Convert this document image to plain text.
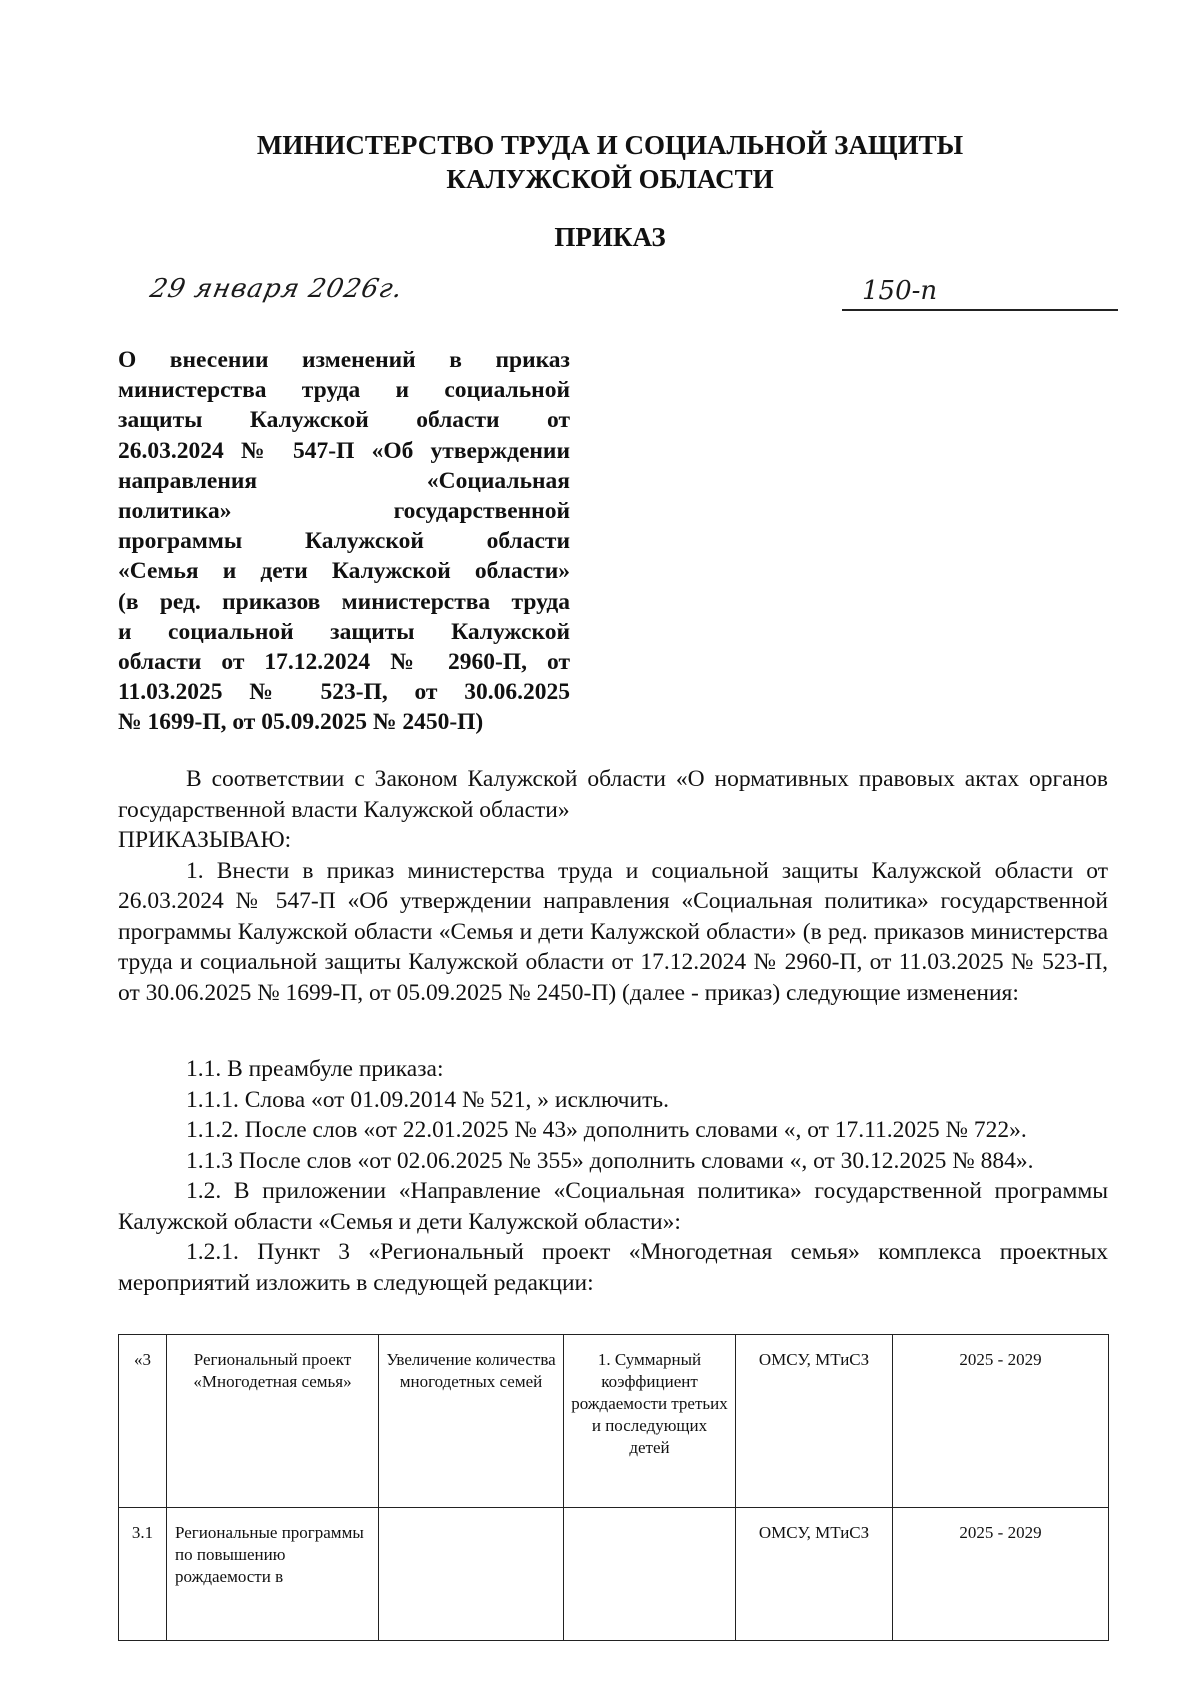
МИНИСТЕРСТВО ТРУДА И СОЦИАЛЬНОЙ ЗАЩИТЫ
КАЛУЖСКОЙ ОБЛАСТИ
ПРИКАЗ
29 января 2026г.	150-п
О внесении изменений в приказ
министерства труда и социальной
защиты Калужской области от
26.03.2024 № 547-П «Об утверждении
направления	«Социальная
политика»	государственной
программы Калужской области
«Семья и дети Калужской области»
(в ред. приказов министерства труда
и социальной защиты Калужской
области от 17.12.2024 № 2960-П, от
11.03.2025 № 523-П, от 30.06.2025
№ 1699-П, от 05.09.2025 № 2450-П)

В соответствии с Законом Калужской области «О нормативных правовых актах органов государственной власти Калужской области»

ПРИКАЗЫВАЮ:

1. Внести в приказ министерства труда и социальной защиты Калужской области от 26.03.2024 № 547-П «Об утверждении направления «Социальная политика» государственной программы Калужской области «Семья и дети Калужской области» (в ред. приказов министерства труда и социальной защиты Калужской области от 17.12.2024 № 2960-П, от 11.03.2025 № 523-П, от 30.06.2025 № 1699-П, от 05.09.2025 № 2450-П) (далее - приказ) следующие изменения:

1.1. В преамбуле приказа:

1.1.1. Слова «от 01.09.2014 № 521, » исключить.

1.1.2. После слов «от 22.01.2025 № 43» дополнить словами «, от 17.11.2025 № 722».

1.1.3 После слов «от 02.06.2025 № 355» дополнить словами «, от 30.12.2025 № 884».

1.2. В приложении «Направление «Социальная политика» государственной программы Калужской области «Семья и дети Калужской области»:

1.2.1. Пункт 3 «Региональный проект «Многодетная семья» комплекса проектных мероприятий изложить в следующей редакции:

«3	Региональный проект «Многодетная семья»	Увеличение количества многодетных семей	1. Суммарный коэффициент рождаемости третьих и последующих детей	ОМСУ, МТиСЗ	2025 - 2029
3.1	Региональные программы по повышению рождаемости в			ОМСУ, МТиСЗ	2025 - 2029
